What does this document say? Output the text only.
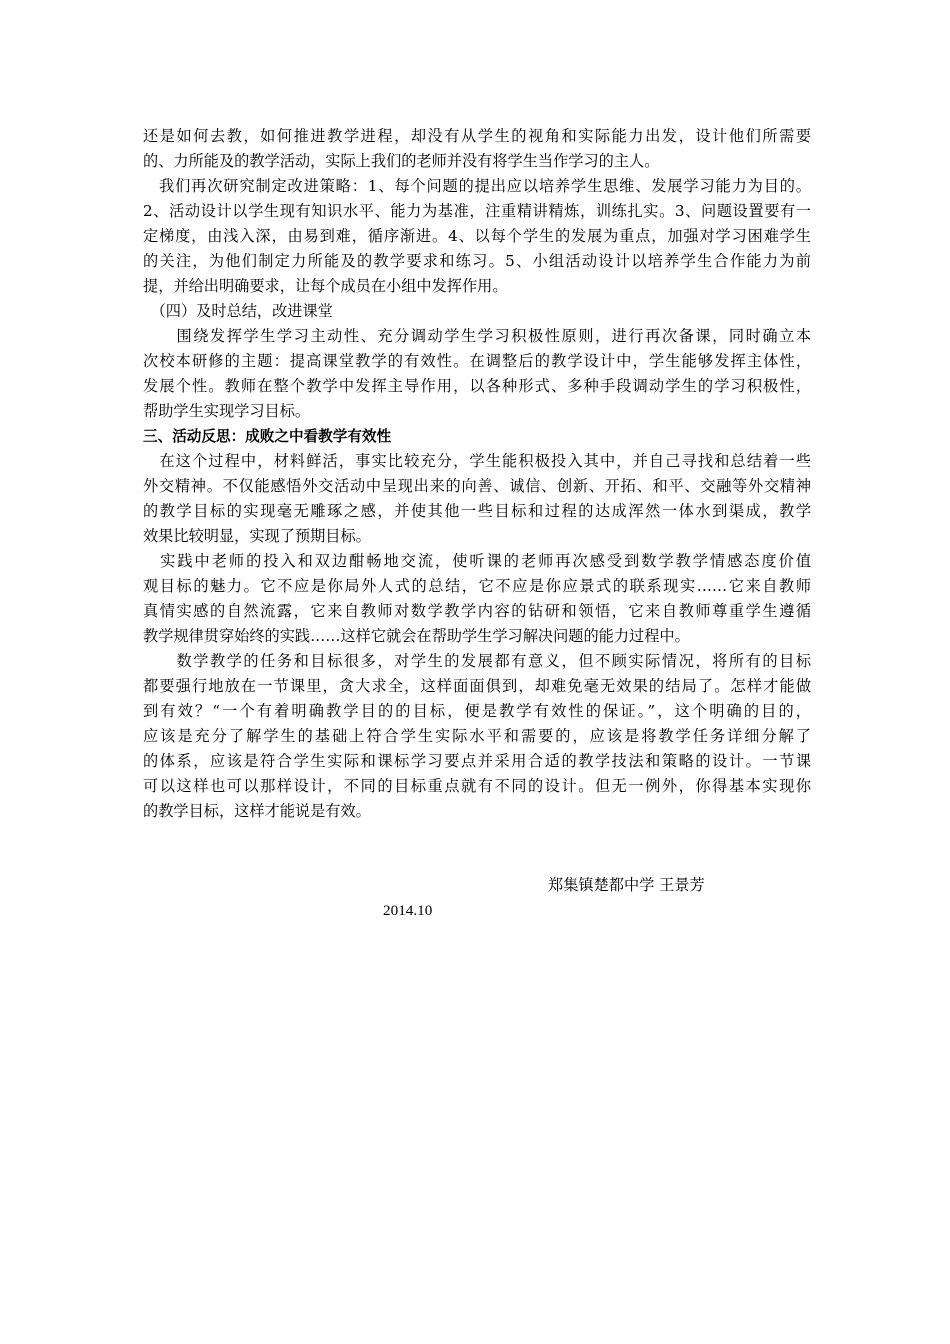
还是如何去教，如何推进教学进程，却没有从学生的视角和实际能力出发，设计他们所需要
的、力所能及的教学活动，实际上我们的老师并没有将学生当作学习的主人。

　我们再次研究制定改进策略：1、每个问题的提出应以培养学生思维、发展学习能力为目的。
2、活动设计以学生现有知识水平、能力为基准，注重精讲精炼，训练扎实。3、问题设置要有一
定梯度，由浅入深，由易到难，循序渐进。4、以每个学生的发展为重点，加强对学习困难学生
的关注，为他们制定力所能及的教学要求和练习。5、小组活动设计以培养学生合作能力为前
提，并给出明确要求，让每个成员在小组中发挥作用。

　（四）及时总结，改进课堂

　　围绕发挥学生学习主动性、充分调动学生学习积极性原则，进行再次备课，同时确立本
次校本研修的主题：提高课堂教学的有效性。在调整后的教学设计中，学生能够发挥主体性，
发展个性。教师在整个教学中发挥主导作用，以各种形式、多种手段调动学生的学习积极性，
帮助学生实现学习目标。

三、活动反思：成败之中看教学有效性

　在这个过程中，材料鲜活，事实比较充分，学生能积极投入其中，并自己寻找和总结着一些
外交精神。不仅能感悟外交活动中呈现出来的向善、诚信、创新、开拓、和平、交融等外交精神
的教学目标的实现毫无雕琢之感，并使其他一些目标和过程的达成浑然一体水到渠成，教学
效果比较明显，实现了预期目标。

　实践中老师的投入和双边酣畅地交流，使听课的老师再次感受到数学教学情感态度价值
观目标的魅力。它不应是你局外人式的总结，它不应是你应景式的联系现实……它来自教师
真情实感的自然流露，它来自教师对数学教学内容的钻研和领悟，它来自教师尊重学生遵循
教学规律贯穿始终的实践……这样它就会在帮助学生学习解决问题的能力过程中。

　　数学教学的任务和目标很多，对学生的发展都有意义，但不顾实际情况，将所有的目标
都要强行地放在一节课里，贪大求全，这样面面俱到，却难免毫无效果的结局了。怎样才能做
到有效？“一个有着明确教学目的的目标，便是教学有效性的保证。”，这个明确的目的，
应该是充分了解学生的基础上符合学生实际水平和需要的，应该是将教学任务详细分解了
的体系，应该是符合学生实际和课标学习要点并采用合适的教学技法和策略的设计。一节课
可以这样也可以那样设计，不同的目标重点就有不同的设计。但无一例外，你得基本实现你
的教学目标，这样才能说是有效。

郑集镇楚都中学 王景芳
2014.10
